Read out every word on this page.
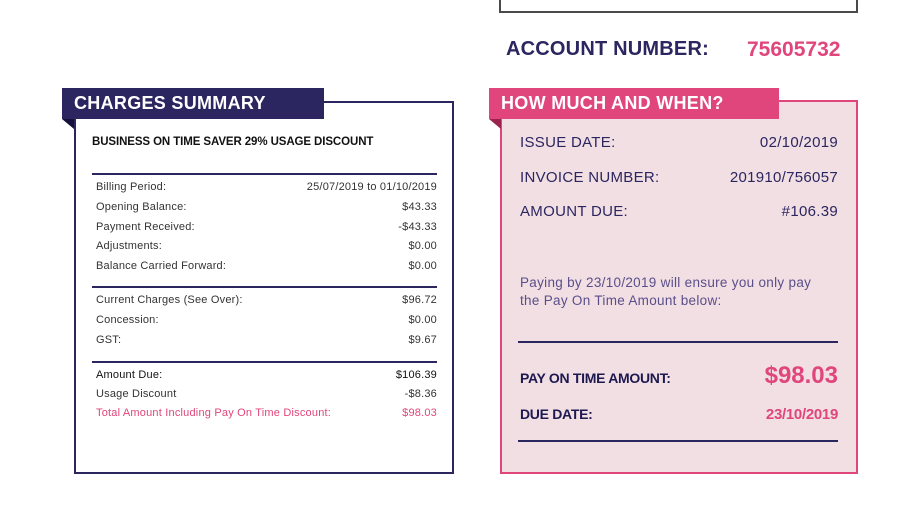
ACCOUNT NUMBER: 75605732
CHARGES SUMMARY
BUSINESS ON TIME SAVER 29% USAGE DISCOUNT
Billing Period:	25/07/2019 to 01/10/2019
Opening Balance:	$43.33
Payment Received:	-$43.33
Adjustments:	$0.00
Balance Carried Forward:	$0.00
Current Charges (See Over):	$96.72
Concession:	$0.00
GST:	$9.67
Amount Due:	$106.39
Usage Discount	-$8.36
Total Amount Including Pay On Time Discount:	$98.03
HOW MUCH AND WHEN?
ISSUE DATE:	02/10/2019
INVOICE NUMBER:	201910/756057
AMOUNT DUE:	#106.39
Paying by 23/10/2019 will ensure you only pay the Pay On Time Amount below:
PAY ON TIME AMOUNT:	$98.03
DUE DATE:	23/10/2019
